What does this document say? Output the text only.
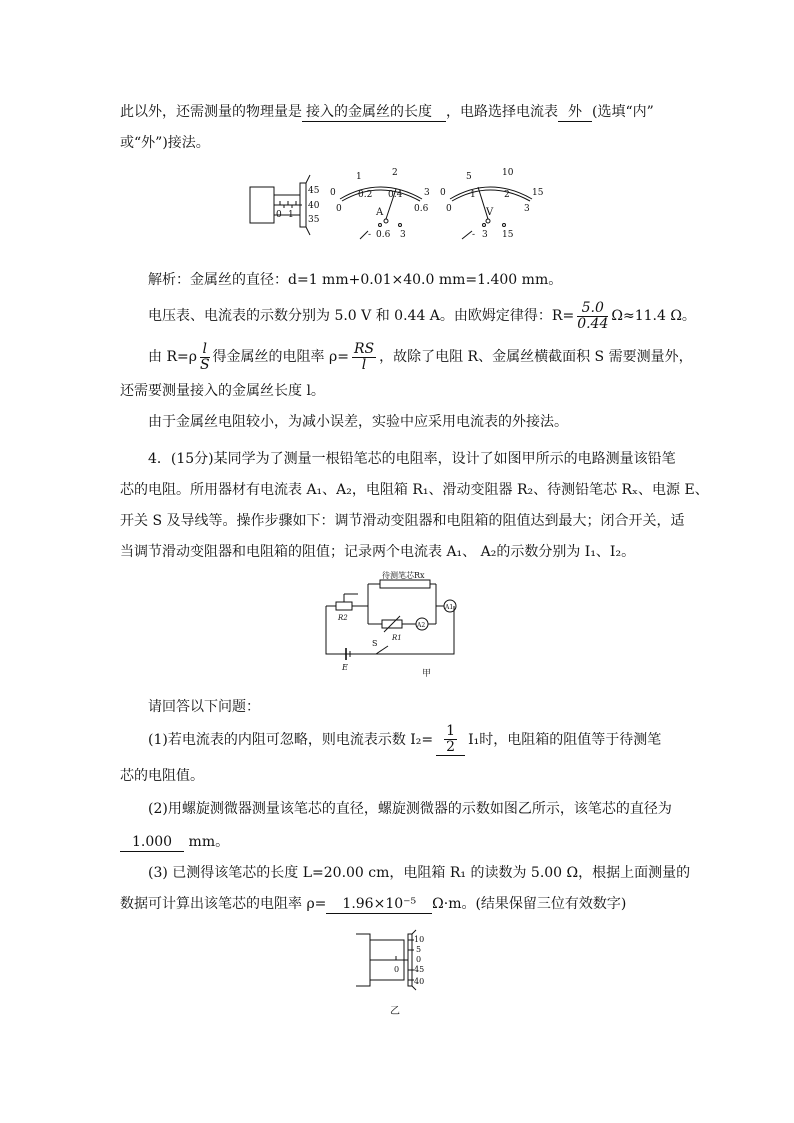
此以外，还需测量的物理量是 接入的金属丝的长度 ，电路选择电流表 外 (选填“内”
或“外”)接法。
45
40
35
0 1
0
1	2
3
0
0.2 0.4
0.6
A
- 0.6 3
0
5	10
15
0
1	2
3
V
- 3 15
解析：金属丝的直径：d=1 mm+0.01×40.0 mm=1.400 mm。
电压表、电流表的示数分别为 5.0 V 和 0.44 A。由欧姆定律得：$R= \frac{5.0}{0.44} \Omega\approx 11.4$ Ω。
由 $R=\rho \frac{l}{S}$ 得金属丝的电阻率 $\rho= \frac{RS}{l}$ ，故除了电阻 R、金属丝横截面积 S 需要测量外，
还需要测量接入的金属丝长度 l。
由于金属丝电阻较小，为减小误差，实验中应采用电流表的外接法。
4．(15分)某同学为了测量一根铅笔芯的电阻率，设计了如图甲所示的电路测量该铅笔
芯的电阻。所用器材有电流表 A₁、A₂，电阻箱 R₁、滑动变阻器 R₂、待测铅笔芯 Rₓ、电源 E、
开关 S 及导线等。操作步骤如下：调节滑动变阻器和电阻箱的阻值达到最大；闭合开关，适
当调节滑动变阻器和电阻箱的阻值；记录两个电流表 A₁、 A₂的示数分别为 I₁、I₂。
待测笔芯Rx
R2
R1
A1
A2
S
E
甲
请回答以下问题：
(1)若电流表的内阻可忽略，则电流表示数 $I_2= \frac{1}{2} I_1$时，电阻箱的阻值等于待测笔
芯的电阻值。
(2)用螺旋测微器测量该笔芯的直径，螺旋测微器的示数如图乙所示，该笔芯的直径为
1.000 mm。
(3) 已测得该笔芯的长度 L=20.00 cm，电阻箱 R₁ 的读数为 5.00 Ω，根据上面测量的
数据可计算出该笔芯的电阻率 ρ= 1.96×10⁻⁵ Ω·m。(结果保留三位有效数字)
10
5
0
45
40
0
乙
